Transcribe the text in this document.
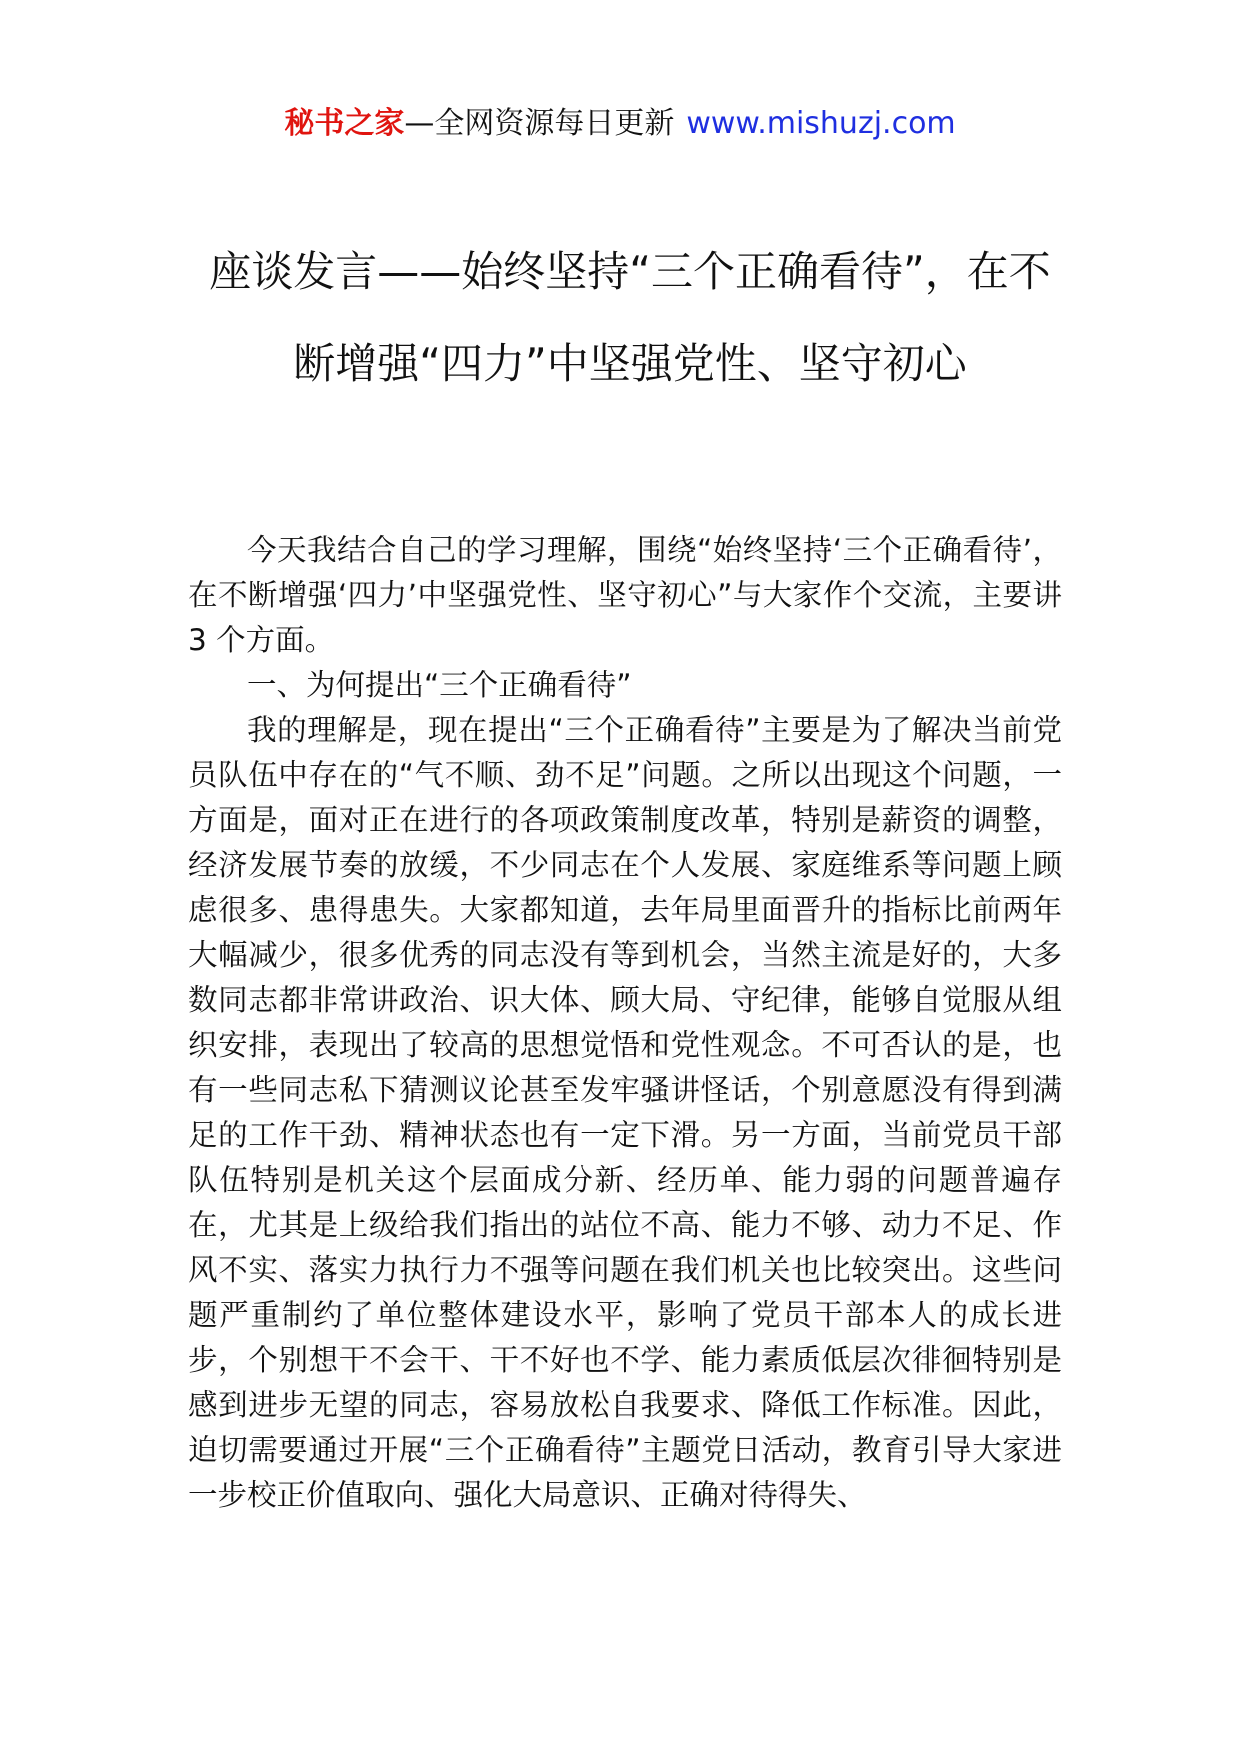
秘书之家—全网资源每日更新 www.mishuzj.com
座谈发言——始终坚持“三个正确看待”，在不断增强“四力”中坚强党性、坚守初心

今天我结合自己的学习理解，围绕“始终坚持‘三个正确看待’，在不断增强‘四力’中坚强党性、坚守初心”与大家作个交流，主要讲 3 个方面。

一、为何提出“三个正确看待”

我的理解是，现在提出“三个正确看待”主要是为了解决当前党员队伍中存在的“气不顺、劲不足”问题。之所以出现这个问题，一方面是，面对正在进行的各项政策制度改革，特别是薪资的调整，经济发展节奏的放缓，不少同志在个人发展、家庭维系等问题上顾虑很多、患得患失。大家都知道，去年局里面晋升的指标比前两年大幅减少，很多优秀的同志没有等到机会，当然主流是好的，大多数同志都非常讲政治、识大体、顾大局、守纪律，能够自觉服从组织安排，表现出了较高的思想觉悟和党性观念。不可否认的是，也有一些同志私下猜测议论甚至发牢骚讲怪话，个别意愿没有得到满足的工作干劲、精神状态也有一定下滑。另一方面，当前党员干部队伍特别是机关这个层面成分新、经历单、能力弱的问题普遍存在，尤其是上级给我们指出的站位不高、能力不够、动力不足、作风不实、落实力执行力不强等问题在我们机关也比较突出。这些问题严重制约了单位整体建设水平，影响了党员干部本人的成长进步，个别想干不会干、干不好也不学、能力素质低层次徘徊特别是感到进步无望的同志，容易放松自我要求、降低工作标准。因此，迫切需要通过开展“三个正确看待”主题党日活动，教育引导大家进一步校正价值取向、强化大局意识、正确对待得失、
